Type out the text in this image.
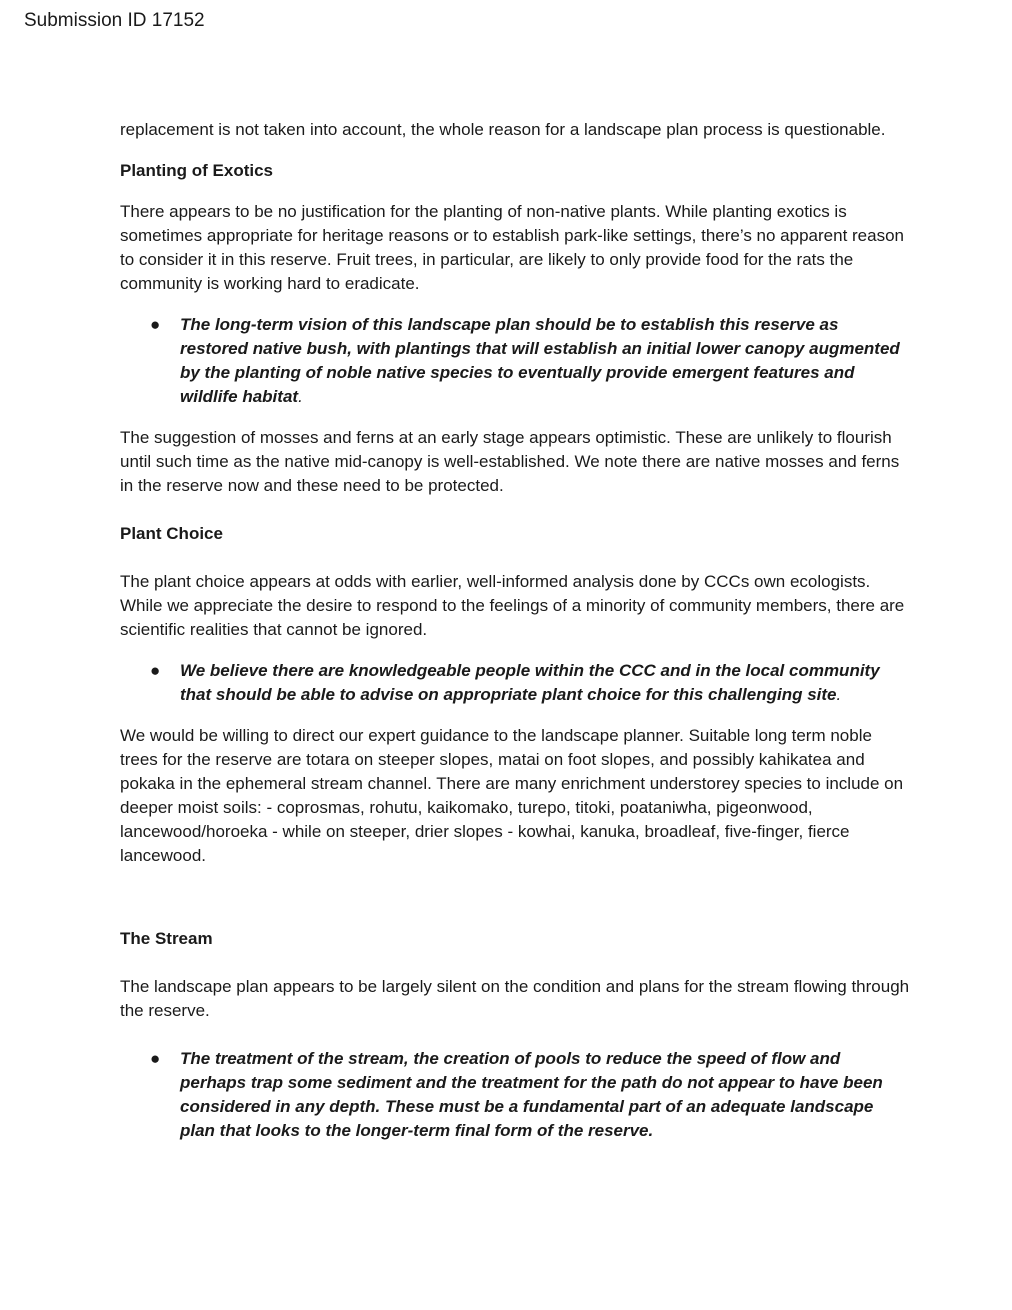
Submission ID 17152

replacement is not taken into account, the whole reason for a landscape plan process is questionable.

Planting of Exotics

There appears to be no justification for the planting of non-native plants. While planting exotics is sometimes appropriate for heritage reasons or to establish park-like settings, there’s no apparent reason to consider it in this reserve. Fruit trees, in particular, are likely to only provide food for the rats the community is working hard to eradicate.

● The long-term vision of this landscape plan should be to establish this reserve as restored native bush, with plantings that will establish an initial lower canopy augmented by the planting of noble native species to eventually provide emergent features and wildlife habitat.

The suggestion of mosses and ferns at an early stage appears optimistic. These are unlikely to flourish until such time as the native mid-canopy is well-established. We note there are native mosses and ferns in the reserve now and these need to be protected.

Plant Choice

The plant choice appears at odds with earlier, well-informed analysis done by CCCs own ecologists. While we appreciate the desire to respond to the feelings of a minority of community members, there are scientific realities that cannot be ignored.

● We believe there are knowledgeable people within the CCC and in the local community that should be able to advise on appropriate plant choice for this challenging site.

We would be willing to direct our expert guidance to the landscape planner. Suitable long term noble trees for the reserve are totara on steeper slopes, matai on foot slopes, and possibly kahikatea and pokaka in the ephemeral stream channel. There are many enrichment understorey species to include on deeper moist soils: - coprosmas, rohutu, kaikomako, turepo, titoki, poataniwha, pigeonwood, lancewood/horoeka - while on steeper, drier slopes - kowhai, kanuka, broadleaf, five-finger, fierce lancewood.

The Stream

The landscape plan appears to be largely silent on the condition and plans for the stream flowing through the reserve.

● The treatment of the stream, the creation of pools to reduce the speed of flow and perhaps trap some sediment and the treatment for the path do not appear to have been considered in any depth. These must be a fundamental part of an adequate landscape plan that looks to the longer-term final form of the reserve.
